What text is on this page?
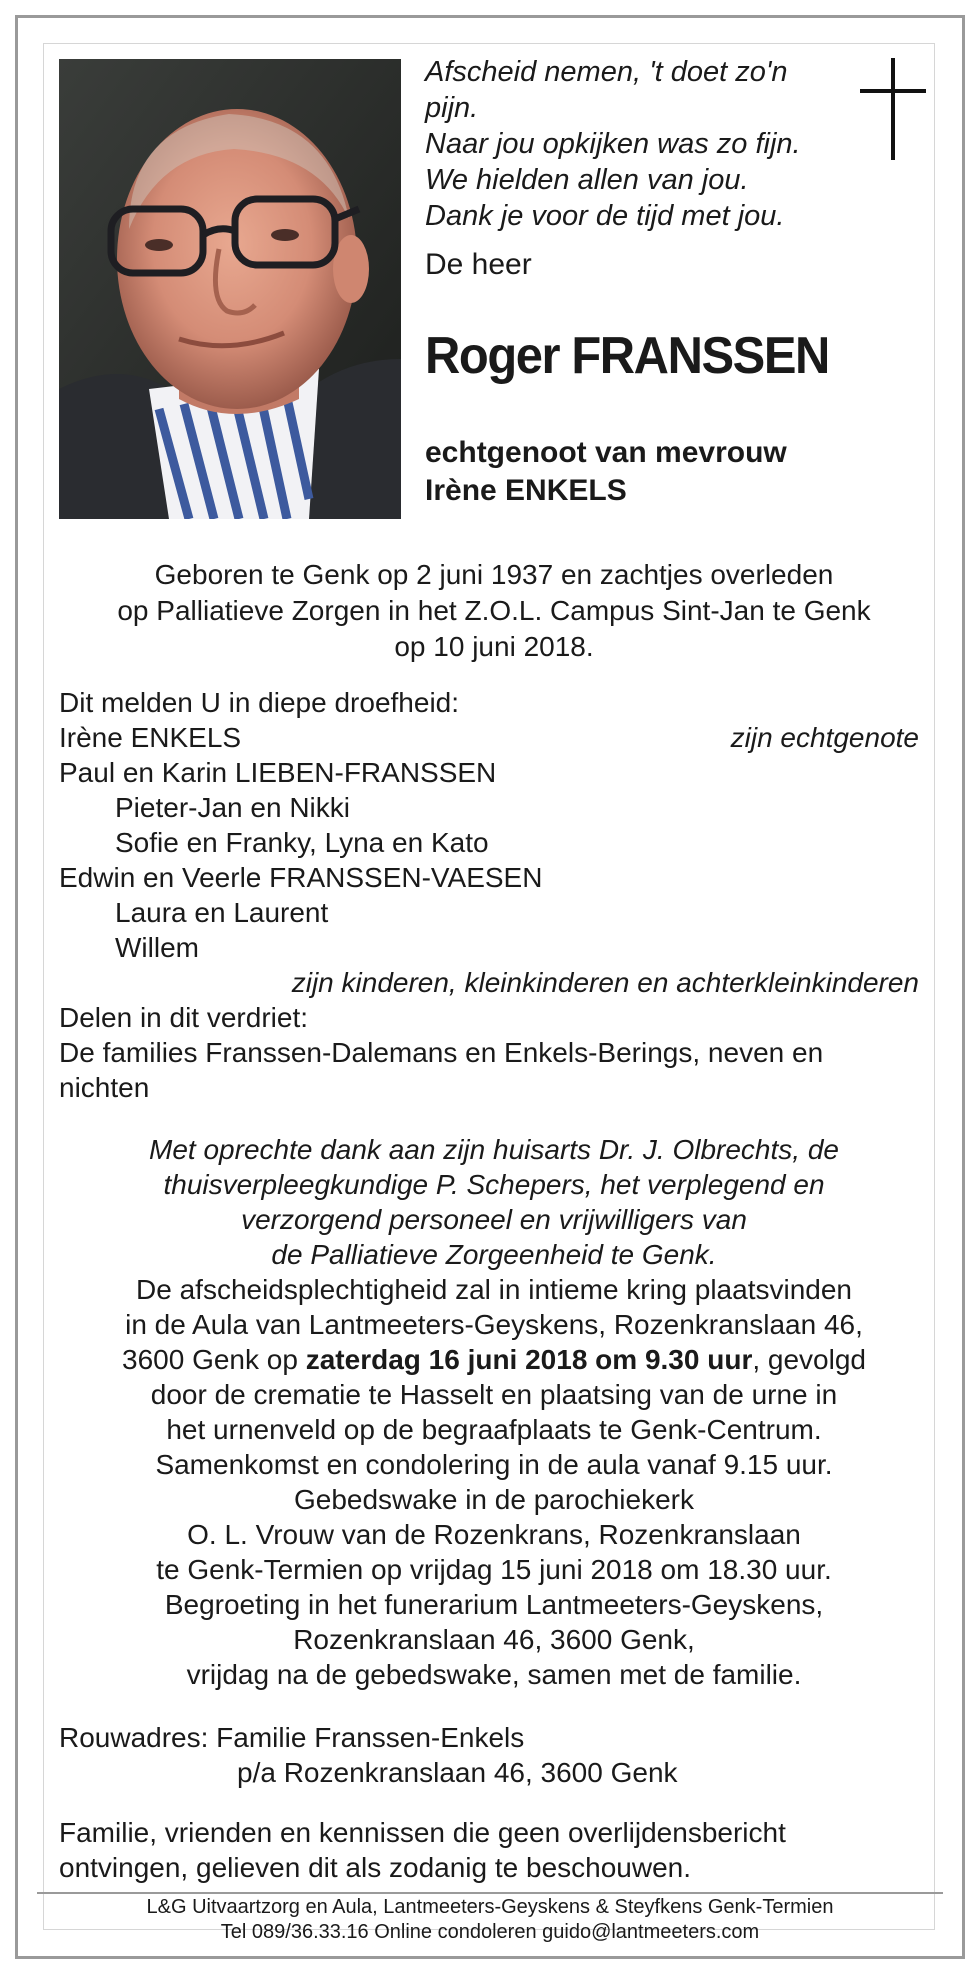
Afscheid nemen, 't doet zo'n
pijn.
Naar jou opkijken was zo fijn.
We hielden allen van jou.
Dank je voor de tijd met jou.
De heer
Roger FRANSSEN
echtgenoot van mevrouw
Irène ENKELS
Geboren te Genk op 2 juni 1937 en zachtjes overleden
op Palliatieve Zorgen in het Z.O.L. Campus Sint-Jan te Genk
op 10 juni 2018.
Dit melden U in diepe droefheid:
Irène ENKELS	zijn echtgenote
Paul en Karin LIEBEN-FRANSSEN
Pieter-Jan en Nikki
Sofie en Franky, Lyna en Kato
Edwin en Veerle FRANSSEN-VAESEN
Laura en Laurent
Willem
zijn kinderen, kleinkinderen en achterkleinkinderen
Delen in dit verdriet:
De families Franssen-Dalemans en Enkels-Berings, neven en nichten
Met oprechte dank aan zijn huisarts Dr. J. Olbrechts, de
thuisverpleegkundige P. Schepers, het verplegend en
verzorgend personeel en vrijwilligers van
de Palliatieve Zorgeenheid te Genk.
De afscheidsplechtigheid zal in intieme kring plaatsvinden
in de Aula van Lantmeeters-Geyskens, Rozenkranslaan 46,
3600 Genk op zaterdag 16 juni 2018 om 9.30 uur, gevolgd
door de crematie te Hasselt en plaatsing van de urne in
het urnenveld op de begraafplaats te Genk-Centrum.
Samenkomst en condolering in de aula vanaf 9.15 uur.
Gebedswake in de parochiekerk
O. L. Vrouw van de Rozenkrans, Rozenkranslaan
te Genk-Termien op vrijdag 15 juni 2018 om 18.30 uur.
Begroeting in het funerarium Lantmeeters-Geyskens,
Rozenkranslaan 46, 3600 Genk,
vrijdag na de gebedswake, samen met de familie.
Rouwadres: Familie Franssen-Enkels
p/a Rozenkranslaan 46, 3600 Genk
Familie, vrienden en kennissen die geen overlijdensbericht
ontvingen, gelieven dit als zodanig te beschouwen.
L&G Uitvaartzorg en Aula, Lantmeeters-Geyskens & Steyfkens Genk-Termien
Tel 089/36.33.16 Online condoleren guido@lantmeeters.com
